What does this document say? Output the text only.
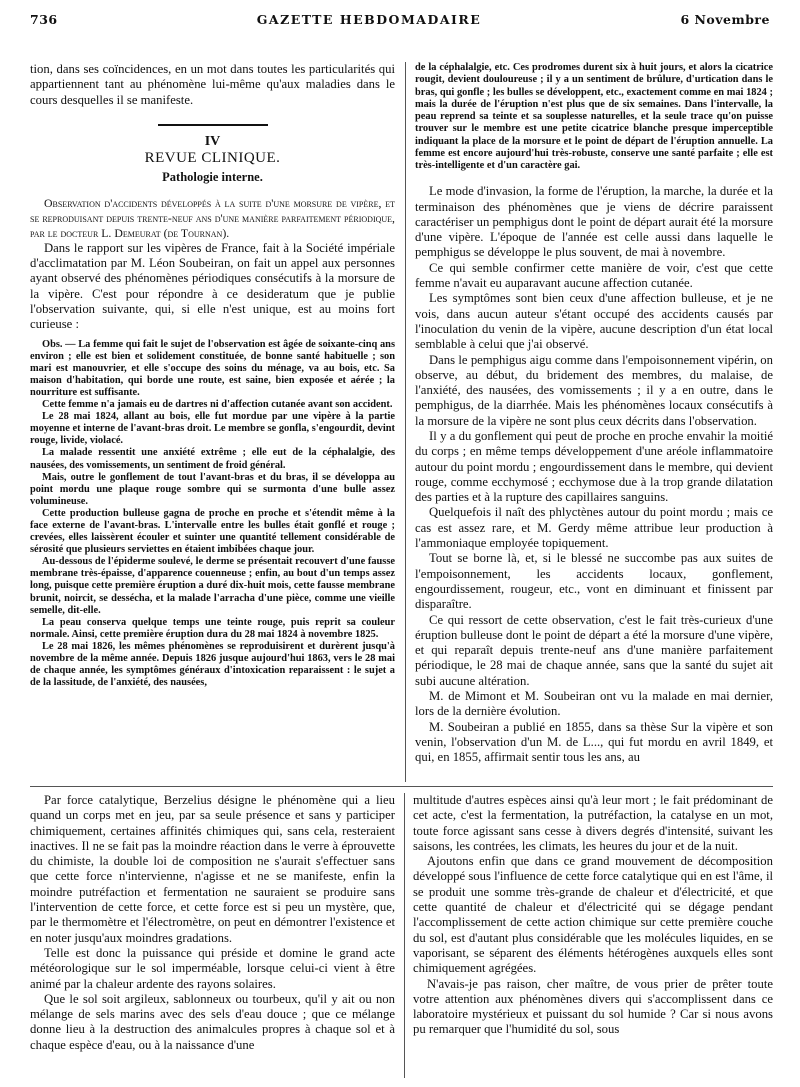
736	GAZETTE HEBDOMADAIRE	6 Novembre

tion, dans ses coïncidences, en un mot dans toutes les particularités qui appartiennent tant au phénomène lui-même qu'aux maladies dans le cours desquelles il se manifeste.

IV
REVUE CLINIQUE.
Pathologie interne.

Observation d'accidents développés à la suite d'une morsure de vipère, et se reproduisant depuis trente-neuf ans d'une manière parfaitement périodique, par le docteur L. Demeurat (de Tournan).

Dans le rapport sur les vipères de France, fait à la Société impériale d'acclimatation par M. Léon Soubeiran, on fait un appel aux personnes ayant observé des phénomènes périodiques consécutifs à la morsure de la vipère. C'est pour répondre à ce desideratum que je publie l'observation suivante, qui, si elle n'est unique, est au moins fort curieuse :

Obs. — La femme qui fait le sujet de l'observation est âgée de soixante-cinq ans environ ; elle est bien et solidement constituée, de bonne santé habituelle ; son mari est manouvrier, et elle s'occupe des soins du ménage, va au bois, etc. Sa maison d'habitation, qui borde une route, est saine, bien exposée et aérée ; la nourriture est suffisante.

Cette femme n'a jamais eu de dartres ni d'affection cutanée avant son accident.

Le 28 mai 1824, allant au bois, elle fut mordue par une vipère à la partie moyenne et interne de l'avant-bras droit. Le membre se gonfla, s'engourdit, devint rouge, livide, violacé.

La malade ressentit une anxiété extrême ; elle eut de la céphalalgie, des nausées, des vomissements, un sentiment de froid général.

Mais, outre le gonflement de tout l'avant-bras et du bras, il se développa au point mordu une plaque rouge sombre qui se surmonta d'une bulle assez volumineuse.

Cette production bulleuse gagna de proche en proche et s'étendit même à la face externe de l'avant-bras. L'intervalle entre les bulles était gonflé et rouge ; crevées, elles laissèrent écouler et suinter une quantité tellement considérable de sérosité que plusieurs serviettes en étaient imbibées chaque jour.

Au-dessous de l'épiderme soulevé, le derme se présentait recouvert d'une fausse membrane très-épaisse, d'apparence couenneuse ; enfin, au bout d'un temps assez long, puisque cette première éruption a duré dix-huit mois, cette fausse membrane brunit, noircit, se dessécha, et la malade l'arracha d'une pièce, comme une vieille semelle, dit-elle.

La peau conserva quelque temps une teinte rouge, puis reprit sa couleur normale. Ainsi, cette première éruption dura du 28 mai 1824 à novembre 1825.

Le 28 mai 1826, les mêmes phénomènes se reproduisirent et durèrent jusqu'à novembre de la même année. Depuis 1826 jusque aujourd'hui 1863, vers le 28 mai de chaque année, les symptômes généraux d'intoxication reparaissent : le sujet a de la lassitude, de l'anxiété, des nausées,

de la céphalalgie, etc. Ces prodromes durent six à huit jours, et alors la cicatrice rougit, devient douloureuse ; il y a un sentiment de brûlure, d'urtication dans le bras, qui gonfle ; les bulles se développent, etc., exactement comme en mai 1824 ; mais la durée de l'éruption n'est plus que de six semaines. Dans l'intervalle, la peau reprend sa teinte et sa souplesse naturelles, et la seule trace qu'on puisse trouver sur le membre est une petite cicatrice blanche presque imperceptible indiquant la place de la morsure et le point de départ de l'éruption annuelle. La femme est encore aujourd'hui très-robuste, conserve une santé parfaite ; elle est très-intelligente et d'un caractère gai.

Le mode d'invasion, la forme de l'éruption, la marche, la durée et la terminaison des phénomènes que je viens de décrire paraissent caractériser un pemphigus dont le point de départ aurait été la morsure d'une vipère. L'époque de l'année est celle aussi dans laquelle le pemphigus se développe le plus souvent, de mai à novembre.

Ce qui semble confirmer cette manière de voir, c'est que cette femme n'avait eu auparavant aucune affection cutanée.

Les symptômes sont bien ceux d'une affection bulleuse, et je ne vois, dans aucun auteur s'étant occupé des accidents causés par l'inoculation du venin de la vipère, aucune description d'un état local semblable à celui que j'ai observé.

Dans le pemphigus aigu comme dans l'empoisonnement vipérin, on observe, au début, du bridement des membres, du malaise, de l'anxiété, des nausées, des vomissements ; il y a en outre, dans le pemphigus, de la diarrhée. Mais les phénomènes locaux consécutifs à la morsure de la vipère ne sont plus ceux décrits dans l'observation.

Il y a du gonflement qui peut de proche en proche envahir la moitié du corps ; en même temps développement d'une aréole inflammatoire autour du point mordu ; engourdissement dans le membre, qui devient rouge, comme ecchymosé ; ecchymose due à la trop grande dilatation des parties et à la rupture des capillaires sanguins.

Quelquefois il naît des phlyctènes autour du point mordu ; mais ce cas est assez rare, et M. Gerdy même attribue leur production à l'ammoniaque employée topiquement.

Tout se borne là, et, si le blessé ne succombe pas aux suites de l'empoisonnement, les accidents locaux, gonflement, engourdissement, rougeur, etc., vont en diminuant et finissent par disparaître.

Ce qui ressort de cette observation, c'est le fait très-curieux d'une éruption bulleuse dont le point de départ a été la morsure d'une vipère, et qui reparaît depuis trente-neuf ans d'une manière parfaitement périodique, le 28 mai de chaque année, sans que la santé du sujet ait subi aucune altération.

M. de Mimont et M. Soubeiran ont vu la malade en mai dernier, lors de la dernière évolution.

M. Soubeiran a publié en 1855, dans sa thèse Sur la vipère et son venin, l'observation d'un M. de L..., qui fut mordu en avril 1849, et qui, en 1855, affirmait sentir tous les ans, au

Par force catalytique, Berzelius désigne le phénomène qui a lieu quand un corps met en jeu, par sa seule présence et sans y participer chimiquement, certaines affinités chimiques qui, sans cela, resteraient inactives. Il ne se fait pas la moindre réaction dans le verre à éprouvette du chimiste, la double loi de composition ne s'aurait s'effectuer sans que cette force n'intervienne, n'agisse et ne se manifeste, enfin la moindre putréfaction et fermentation ne sauraient se produire sans l'intervention de cette force, et cette force est si peu un mystère, que, par le thermomètre et l'électromètre, on peut en démontrer l'existence et en noter jusqu'aux moindres gradations.

Telle est donc la puissance qui préside et domine le grand acte météorologique sur le sol imperméable, lorsque celui-ci vient à être animé par la chaleur ardente des rayons solaires.

Que le sol soit argileux, sablonneux ou tourbeux, qu'il y ait ou non mélange de sels marins avec des sels d'eau douce ; que ce mélange donne lieu à la destruction des animalcules propres à chaque sol et à chaque espèce d'eau, ou à la naissance d'une

multitude d'autres espèces ainsi qu'à leur mort ; le fait prédominant de cet acte, c'est la fermentation, la putréfaction, la catalyse en un mot, toute force agissant sans cesse à divers degrés d'intensité, suivant les saisons, les contrées, les climats, les heures du jour et de la nuit.

Ajoutons enfin que dans ce grand mouvement de décomposition développé sous l'influence de cette force catalytique qui en est l'âme, il se produit une somme très-grande de chaleur et d'électricité, et que cette quantité de chaleur et d'électricité qui se dégage pendant l'accomplissement de cette action chimique sur cette première couche du sol, est d'autant plus considérable que les molécules liquides, en se vaporisant, se séparent des éléments hétérogènes auxquels elles sont chimiquement agrégées.

N'avais-je pas raison, cher maître, de vous prier de prêter toute votre attention aux phénomènes divers qui s'accomplissent dans ce laboratoire mystérieux et puissant du sol humide ? Car si nous avons pu remarquer que l'humidité du sol, sous
